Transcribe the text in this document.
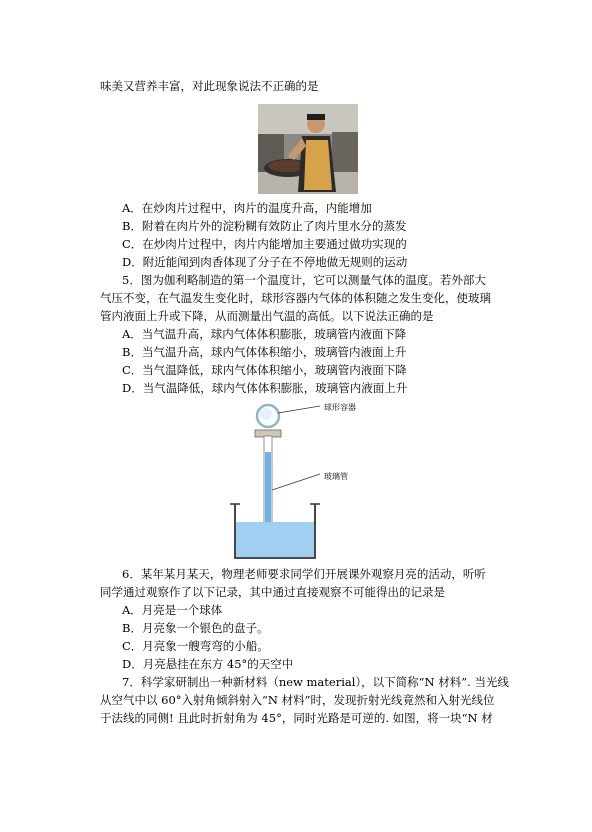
味美又营养丰富，对此现象说法不正确的是
A．在炒肉片过程中，肉片的温度升高，内能增加
B．附着在肉片外的淀粉糊有效防止了肉片里水分的蒸发
C．在炒肉片过程中，肉片内能增加主要通过做功实现的
D．附近能闻到肉香体现了分子在不停地做无规则的运动
5．图为伽利略制造的第一个温度计，它可以测量气体的温度。若外部大
气压不变，在气温发生变化时，球形容器内气体的体积随之发生变化，使玻璃
管内液面上升或下降，从而测量出气温的高低。以下说法正确的是
A．当气温升高，球内气体体积膨胀，玻璃管内液面下降
B．当气温升高，球内气体体积缩小，玻璃管内液面上升
C．当气温降低，球内气体体积缩小，玻璃管内液面下降
D．当气温降低，球内气体体积膨胀，玻璃管内液面上升
球形容器
玻璃管
6．某年某月某天，物理老师要求同学们开展课外观察月亮的活动，听听
同学通过观察作了以下记录，其中通过直接观察不可能得出的记录是
A．月亮是一个球体
B．月亮象一个银色的盘子。
C．月亮象一艘弯弯的小船。
D．月亮悬挂在东方 45°的天空中
7．科学家研制出一种新材料（new material），以下简称“N 材料”. 当光线
从空气中以 60°入射角倾斜射入“N 材料”时，发现折射光线竟然和入射光线位
于法线的同侧! 且此时折射角为 45°，同时光路是可逆的. 如图，将一块“N 材
